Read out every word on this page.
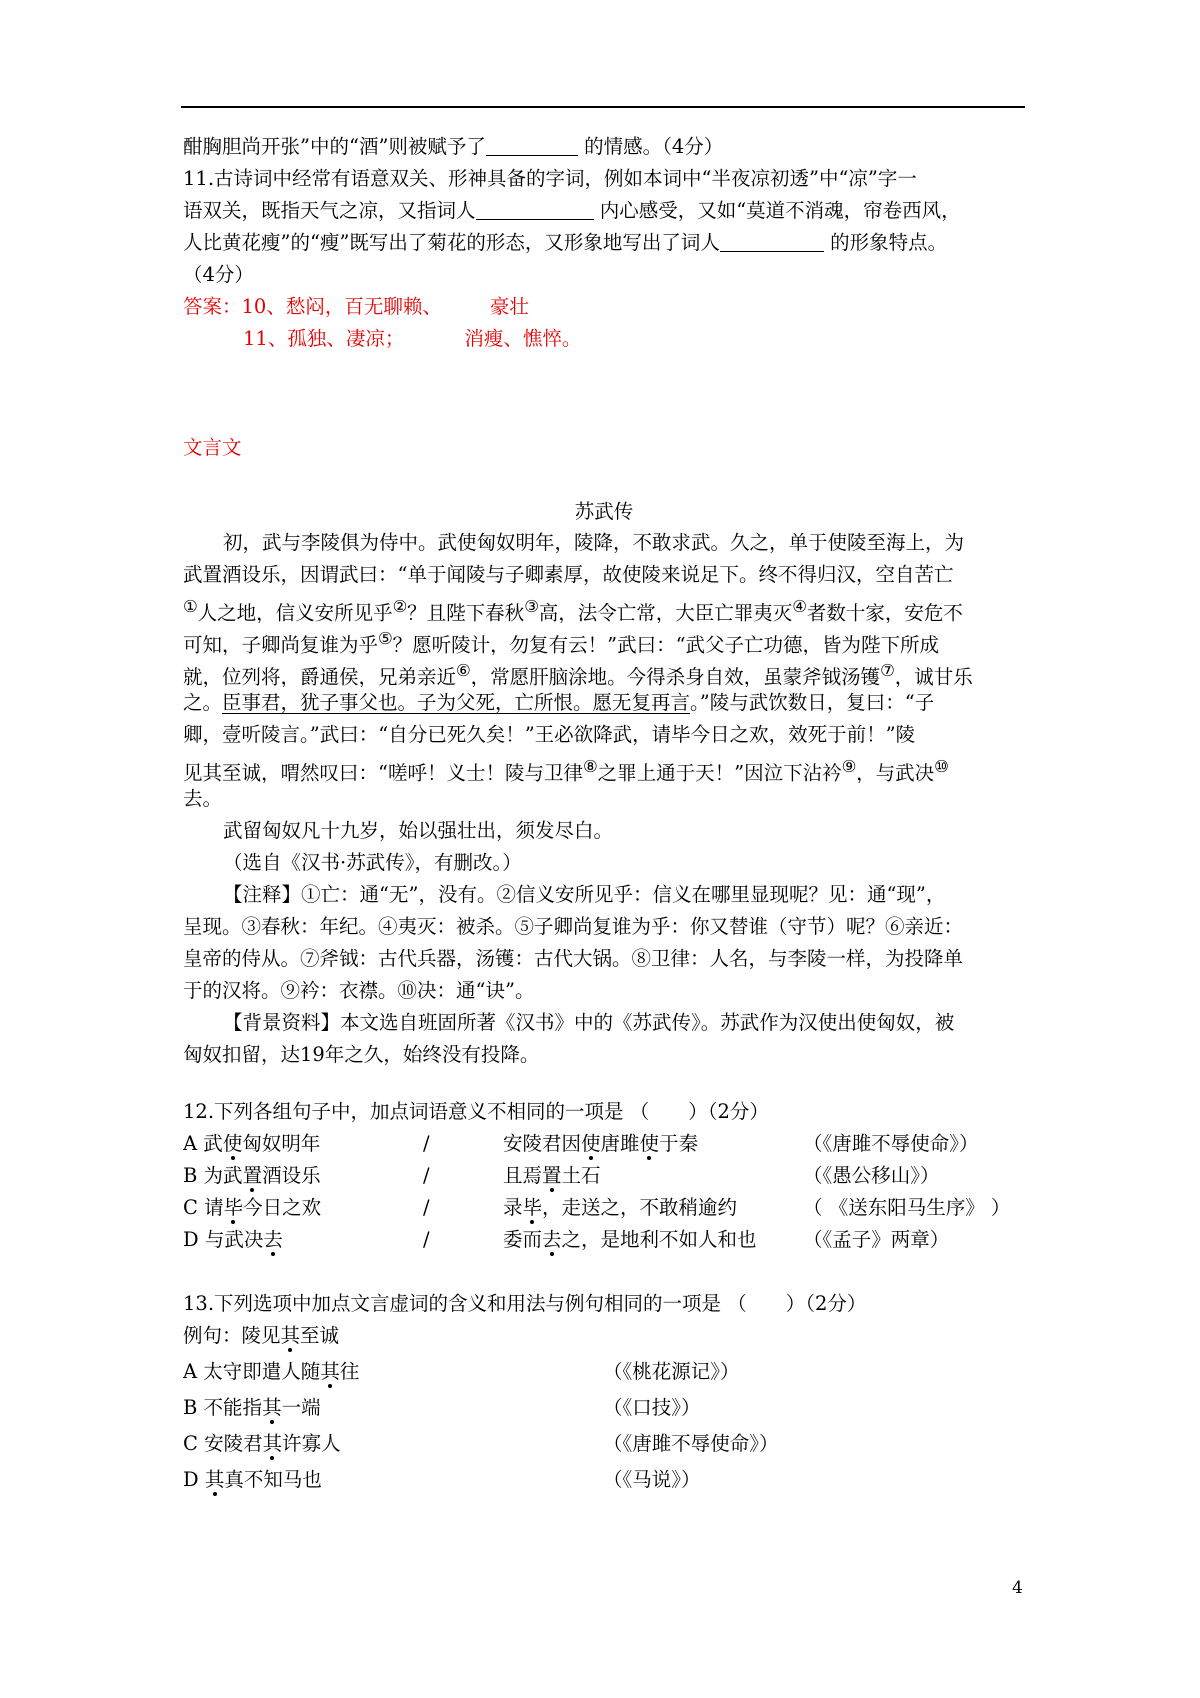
酣胸胆尚开张”中的“酒”则被赋予了	的情感。（4分）
11.古诗词中经常有语意双关、形神具备的字词，例如本词中“半夜凉初透”中“凉”字一
语双关，既指天气之凉，又指词人	内心感受，又如“莫道不消魂，帘卷西风，
人比黄花瘦”的“瘦”既写出了菊花的形态，又形象地写出了词人	的形象特点。
（4分）
答案：10、愁闷，百无聊赖、 豪壮
11、孤独、凄凉；	消瘦、憔悴。
文言文
苏武传
初，武与李陵俱为侍中。武使匈奴明年，陵降，不敢求武。久之，单于使陵至海上，为
武置酒设乐，因谓武曰：“单于闻陵与子卿素厚，故使陵来说足下。终不得归汉，空自苦亡
①人之地，信义安所见乎②？且陛下春秋③高，法令亡常，大臣亡罪夷灭④者数十家，安危不
可知，子卿尚复谁为乎⑤？愿听陵计，勿复有云！”武曰：“武父子亡功德，皆为陛下所成
就，位列将，爵通侯，兄弟亲近⑥，常愿肝脑涂地。今得杀身自效，虽蒙斧钺汤镬⑦，诚甘乐
之。臣事君，犹子事父也。子为父死，亡所恨。愿无复再言。”陵与武饮数日，复曰：“子
卿，壹听陵言。”武曰：“自分已死久矣！”王必欲降武，请毕今日之欢，效死于前！”陵
见其至诚，喟然叹曰：“嗟呼！义士！陵与卫律⑧之罪上通于天！”因泣下沾衿⑨，与武决⑩
去。
武留匈奴凡十九岁，始以强壮出，须发尽白。
（选自《汉书·苏武传》，有删改。）
【注释】①亡：通“无”，没有。②信义安所见乎：信义在哪里显现呢？见：通“现”，
呈现。③春秋：年纪。④夷灭：被杀。⑤子卿尚复谁为乎：你又替谁（守节）呢？⑥亲近：
皇帝的侍从。⑦斧钺：古代兵器，汤镬：古代大锅。⑧卫律：人名，与李陵一样，为投降单
于的汉将。⑨衿：衣襟。⑩决：通“诀”。
【背景资料】本文选自班固所著《汉书》中的《苏武传》。苏武作为汉使出使匈奴，被
匈奴扣留，达19年之久，始终没有投降。
12.下列各组句子中，加点词语意义不相同的一项是 （　　）（2分）
A 武使匈奴明年	/	安陵君因使唐雎使于秦	（《唐雎不辱使命》）
B 为武置酒设乐	/	且焉置土石	（《愚公移山》）
C 请毕今日之欢	/	录毕，走送之，不敢稍逾约	（ 《送东阳马生序》 ）
D 与武决去	/	委而去之，是地利不如人和也 （《孟子》两章）
13.下列选项中加点文言虚词的含义和用法与例句相同的一项是 （　　）（2分）
例句：陵见其至诚
A 太守即遣人随其往	（《桃花源记》）
B 不能指其一端	（《口技》）
C 安陵君其许寡人	（《唐雎不辱使命》）
D 其真不知马也	（《马说》）
4
